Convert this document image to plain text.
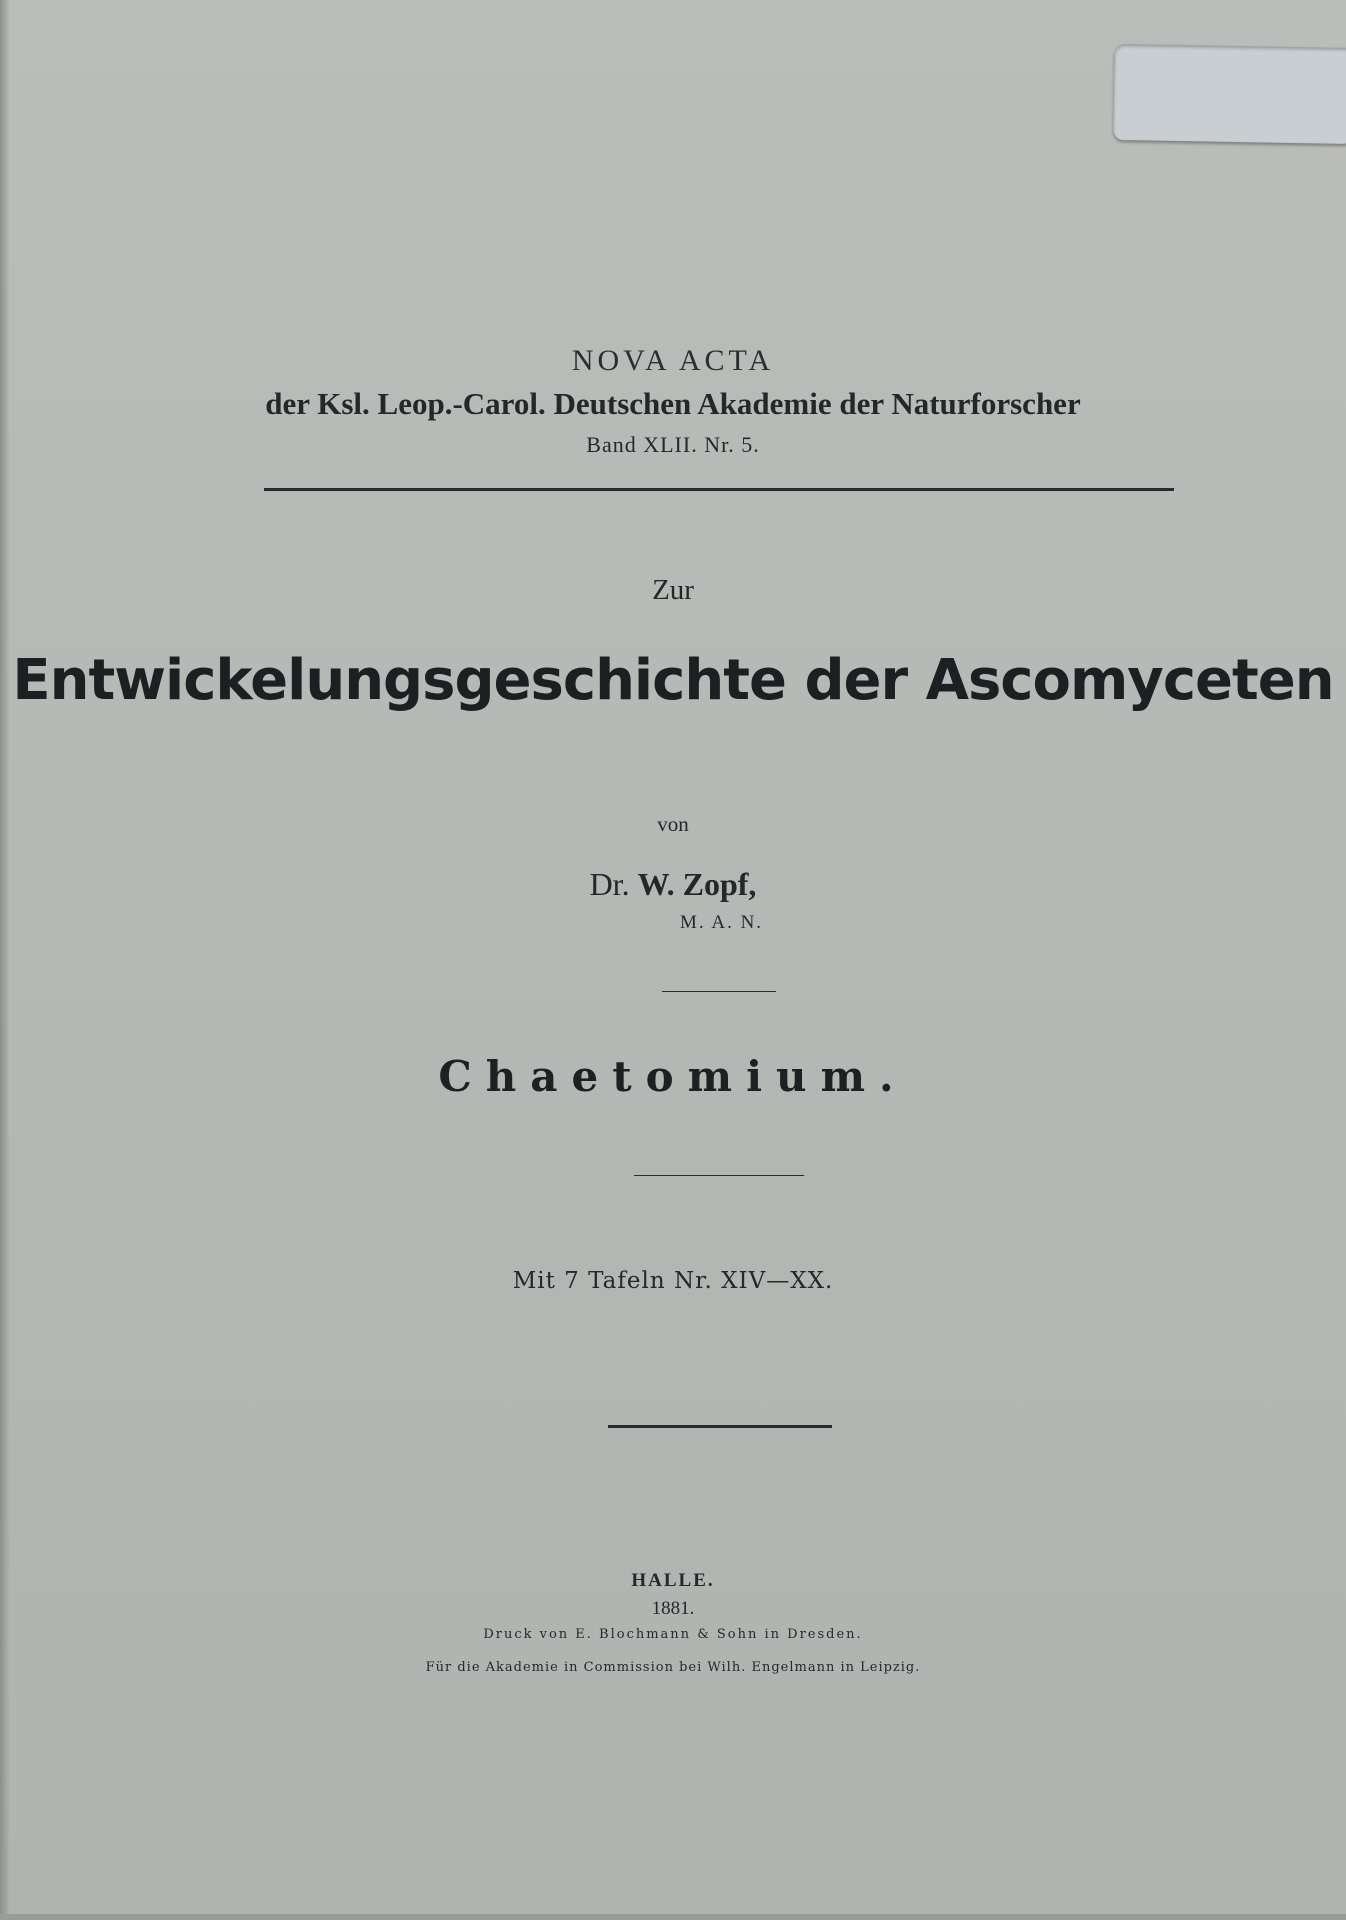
NOVA ACTA
der Ksl. Leop.-Carol. Deutschen Akademie der Naturforscher
Band XLII. Nr. 5.
Zur
Entwickelungsgeschichte der Ascomyceten
von
Dr. W. Zopf,
M. A. N.
Chaetomium.
Mit 7 Tafeln Nr. XIV—XX.
HALLE.
1881.
Druck von E. Blochmann & Sohn in Dresden.
Für die Akademie in Commission bei Wilh. Engelmann in Leipzig.
